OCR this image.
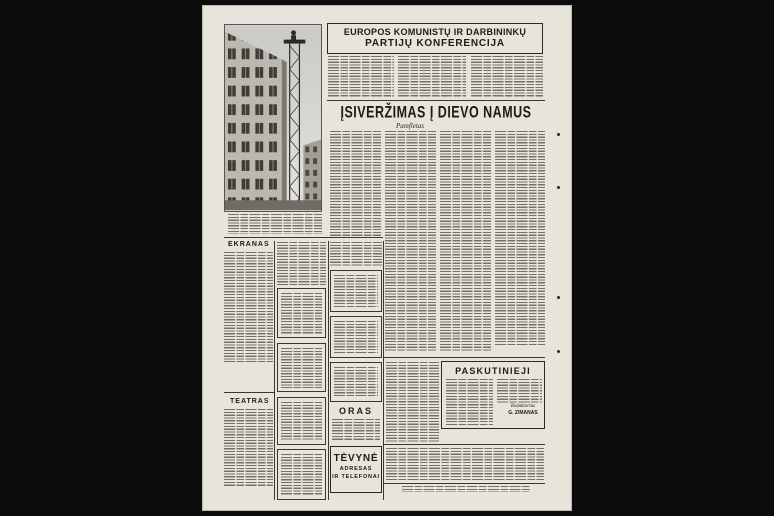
EUROPOS KOMUNISTŲ IR DARBININKŲ
PARTIJŲ KONFERENCIJA
ĮSIVERŽIMAS Į DIEVO NAMUS
Pamfletas
EKRANAS
TEATRAS
ORAS
TĖVYNĖ
ADRESAS
IR TELEFONAI
PASKUTINIEJI
Redaktorius
G. ZIMANAS
